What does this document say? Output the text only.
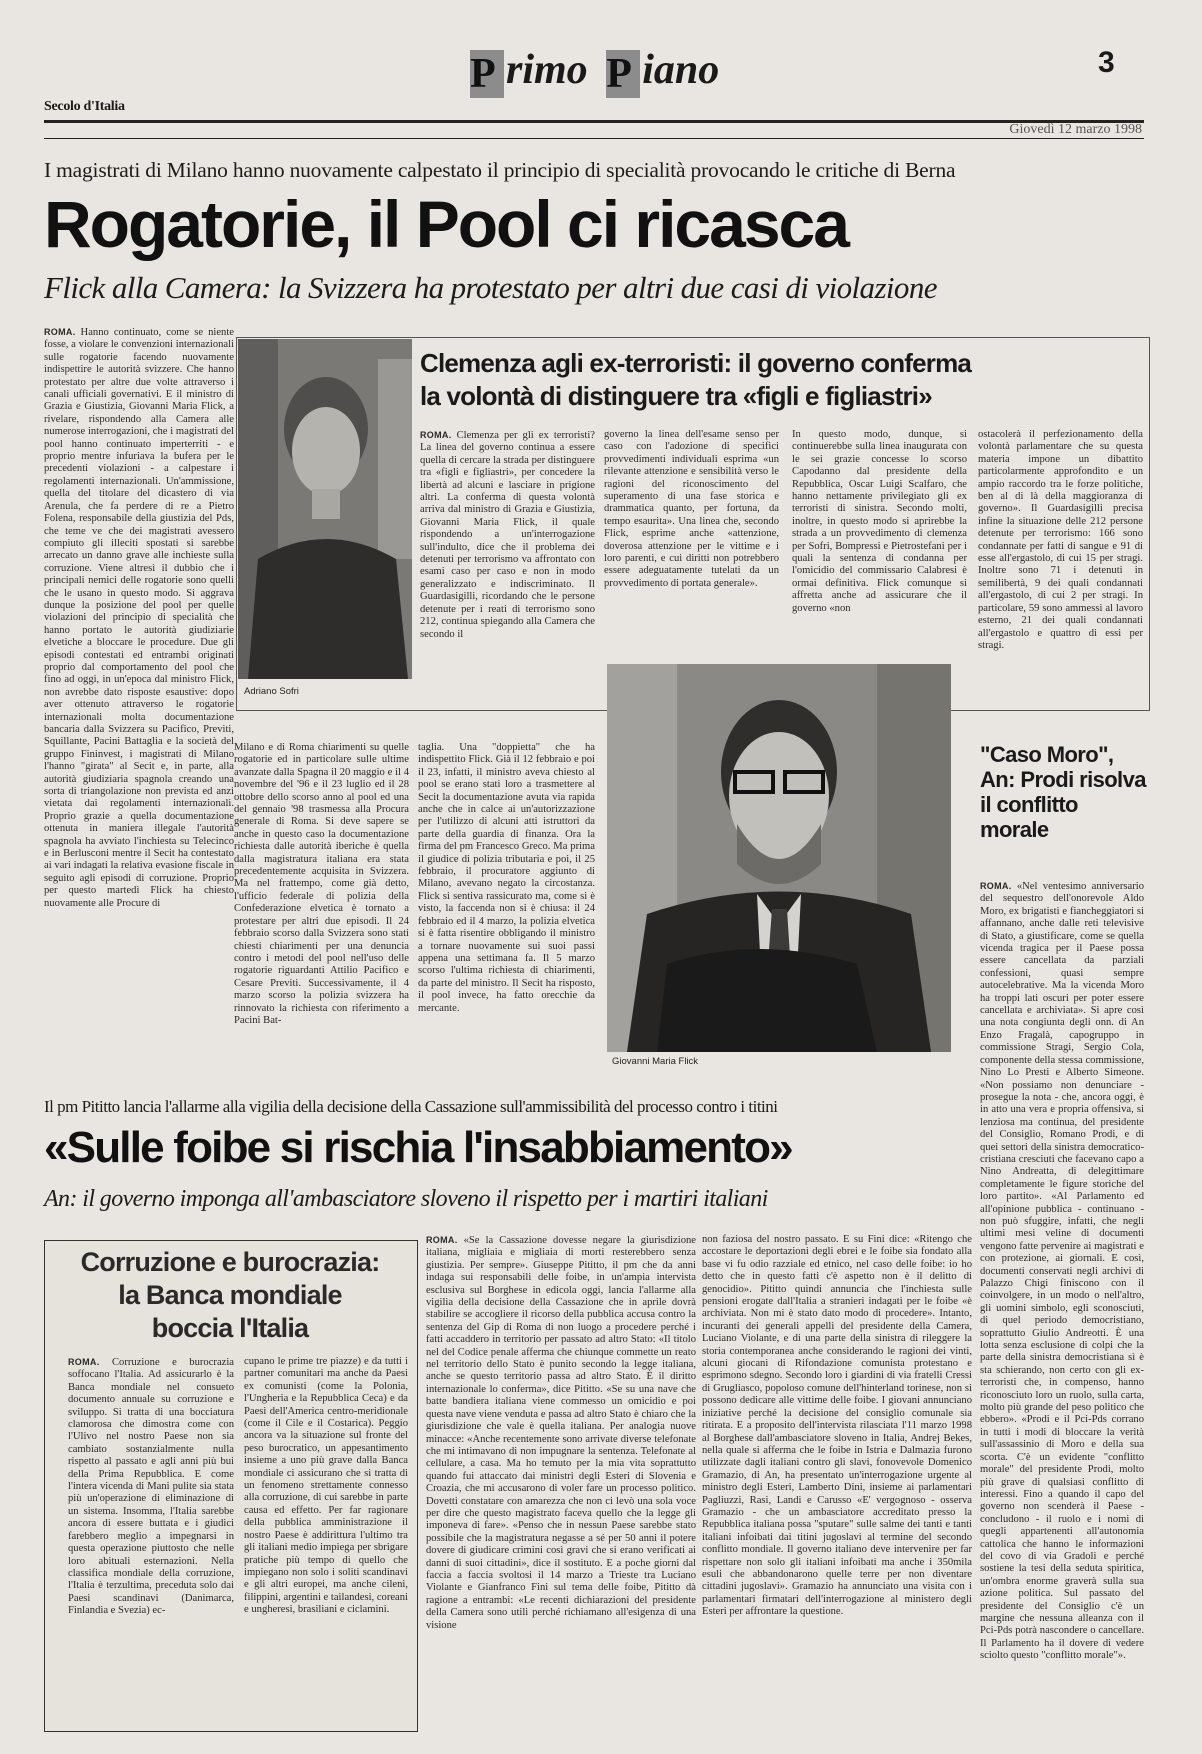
Secolo d'Italia
P rimo P iano	3
Giovedì 12 marzo 1998
I magistrati di Milano hanno nuovamente calpestato il principio di specialità provocando le critiche di Berna
Rogatorie, il Pool ci ricasca
Flick alla Camera: la Svizzera ha protestato per altri due casi di violazione

ROMA. Hanno continuato, come se niente fosse, a violare le convenzioni internazionali sulle rogatorie facendo nuovamente indispettire le autorità svizzere. Che hanno protestato per altre due volte attraverso i canali ufficiali governativi. E il ministro di Grazia e Giustizia, Giovanni Maria Flick, a rivelare, rispondendo alla Camera alle numerose interrogazioni, che i magistrati del pool hanno continuato imperterriti - e proprio mentre infuriava la bufera per le precedenti violazioni - a calpestare i regolamenti internazionali. Un'ammissione, quella del titolare del dicastero di via Arenula, che fa perdere di re a Pietro Folena, responsabile della giustizia del Pds, che teme ve che dei magistrati avessero compiuto gli illeciti spostati si sarebbe arrecato un danno grave alle inchieste sulla corruzione. Viene altresì il dubbio che i principali nemici delle rogatorie sono quelli che le usano in questo modo. Si aggrava dunque la posizione del pool per quelle violazioni del principio di specialità che hanno portato le autorità giudiziarie elvetiche a bloccare le procedure. Due gli episodi contestati ed entrambi originati proprio dal comportamento del pool che fino ad oggi, in un'epoca dal ministro Flick, non avrebbe dato risposte esaustive: dopo aver ottenuto attraverso le rogatorie internazionali molta documentazione bancaria dalla Svizzera su Pacifico, Previti, Squillante, Pacini Battaglia e la società del gruppo Fininvest, i magistrati di Milano l'hanno "girata" al Secit e, in parte, alla autorità giudiziaria spagnola creando una sorta di triangolazione non prevista ed anzi vietata dai regolamenti internazionali. Proprio grazie a quella documentazione ottenuta in maniera illegale l'autorità spagnola ha avviato l'inchiesta su Telecinco e in Berlusconi mentre il Secit ha contestato ai vari indagati la relativa evasione fiscale in seguito agli episodi di corruzione. Proprio per questo martedì Flick ha chiesto nuovamente alle Procure di

Adriano Sofri
Clemenza agli ex-terroristi: il governo conferma
la volontà di distinguere tra «figli e figliastri»

ROMA. Clemenza per gli ex terroristi? La linea del governo continua a essere quella di cercare la strada per distinguere tra «figli e figliastri», per concedere la libertà ad alcuni e lasciare in prigione altri. La conferma di questa volontà arriva dal ministro di Grazia e Giustizia, Giovanni Maria Flick, il quale rispondendo a un'interrogazione sull'indulto, dice che il problema dei detenuti per terrorismo va affrontato con esami caso per caso e non in modo generalizzato e indiscriminato. Il Guardasigilli, ricordando che le persone detenute per i reati di terrorismo sono 212, continua spiegando alla Camera che secondo il

governo la linea dell'esame senso per caso con l'adozione di specifici provvedimenti individuali esprima «un rilevante attenzione e sensibilità verso le ragioni del riconoscimento del superamento di una fase storica e drammatica quanto, per fortuna, da tempo esaurita». Una linea che, secondo Flick, esprime anche «attenzione, doverosa attenzione per le vittime e i loro parenti, e cui diritti non potrebbero essere adeguatamente tutelati da un provvedimento di portata generale».

In questo modo, dunque, si continuerebbe sulla linea inaugurata con le sei grazie concesse lo scorso Capodanno dal presidente della Repubblica, Oscar Luigi Scalfaro, che hanno nettamente privilegiato gli ex terroristi di sinistra. Secondo molti, inoltre, in questo modo si aprirebbe la strada a un provvedimento di clemenza per Sofri, Bompressi e Pietrostefani per i quali la sentenza di condanna per l'omicidio del commissario Calabresi è ormai definitiva. Flick comunque si affretta anche ad assicurare che il governo «non

ostacolerà il perfezionamento della volontà parlamentare che su questa materia impone un dibattito particolarmente approfondito e un ampio raccordo tra le forze politiche, ben al di là della maggioranza di governo». Il Guardasigilli precisa infine la situazione delle 212 persone detenute per terrorismo: 166 sono condannate per fatti di sangue e 91 di esse all'ergastolo, di cui 15 per stragi. Inoltre sono 71 i detenuti in semilibertà, 9 dei quali condannati all'ergastolo, di cui 2 per stragi. In particolare, 59 sono ammessi al lavoro esterno, 21 dei quali condannati all'ergastolo e quattro di essi per stragi.

Milano e di Roma chiarimenti su quelle rogatorie ed in particolare sulle ultime avanzate dalla Spagna il 20 maggio e il 4 novembre del '96 e il 23 luglio ed il 28 ottobre dello scorso anno al pool ed una del gennaio '98 trasmessa alla Procura generale di Roma. Si deve sapere se anche in questo caso la documentazione richiesta dalle autorità iberiche è quella dalla magistratura italiana era stata precedentemente acquisita in Svizzera. Ma nel frattempo, come già detto, l'ufficio federale di polizia della Confederazione elvetica è tornato a protestare per altri due episodi. Il 24 febbraio scorso dalla Svizzera sono stati chiesti chiarimenti per una denuncia contro i metodi del pool nell'uso delle rogatorie riguardanti Attilio Pacifico e Cesare Previti. Successivamente, il 4 marzo scorso la polizia svizzera ha rinnovato la richiesta con riferimento a Pacini Bat-

taglia. Una "doppietta" che ha indispettito Flick. Già il 12 febbraio e poi il 23, infatti, il ministro aveva chiesto al pool se erano stati loro a trasmettere al Secit la documentazione avuta via rapida anche che in calce ai un'autorizzazione per l'utilizzo di alcuni atti istruttori da parte della guardia di finanza. Ora la firma del pm Francesco Greco. Ma prima il giudice di polizia tributaria e poi, il 25 febbraio, il procuratore aggiunto di Milano, avevano negato la circostanza. Flick si sentiva rassicurato ma, come si è visto, la faccenda non si è chiusa: il 24 febbraio ed il 4 marzo, la polizia elvetica si è fatta risentire obbligando il ministro a tornare nuovamente sui suoi passi appena una settimana fa. Il 5 marzo scorso l'ultima richiesta di chiarimenti, da parte del ministro. Il Secit ha risposto, il pool invece, ha fatto orecchie da mercante.

Giovanni Maria Flick
"Caso Moro", An: Prodi risolva il conflitto morale

ROMA. «Nel ventesimo anniversario del sequestro dell'onorevole Aldo Moro, ex brigatisti e fiancheggiatori si affannano, anche dalle reti televisive di Stato, a giustificare, come se quella vicenda tragica per il Paese possa essere cancellata da parziali confessioni, quasi sempre autocelebrative. Ma la vicenda Moro ha troppi lati oscuri per poter essere cancellata e archiviata». Si apre così una nota congiunta degli onn. di An Enzo Fragalà, capogruppo in commissione Stragi, Sergio Cola, componente della stessa commissione, Nino Lo Presti e Alberto Simeone. «Non possiamo non denunciare - prosegue la nota - che, ancora oggi, è in atto una vera e propria offensiva, si lenziosa ma continua, del presidente del Consiglio, Romano Prodi, e di quei settori della sinistra democratico-cristiana cresciuti che facevano capo a Nino Andreatta, di delegittimare completamente le figure storiche del loro partito». «Al Parlamento ed all'opinione pubblica - continuano - non può sfuggire, infatti, che negli ultimi mesi veline di documenti vengono fatte pervenire ai magistrati e con protezione, ai giornali. E così, documenti conservati negli archivi di Palazzo Chigi finiscono con il coinvolgere, in un modo o nell'altro, gli uomini simbolo, egli sconosciuti, di quel periodo democristiano, soprattutto Giulio Andreotti. È una lotta senza esclusione di colpi che la parte della sinistra democristiana sì è sta schierando, non certo con gli ex-terroristi che, in compenso, hanno riconosciuto loro un ruolo, sulla carta, molto più grande del peso politico che ebbero». «Prodi e il Pci-Pds corrano in tutti i modi di bloccare la verità sull'assassinio di Moro e della sua scorta. C'è un evidente "conflitto morale" del presidente Prodi, molto più grave di qualsiasi conflitto di interessi. Fino a quando il capo del governo non scenderà il Paese - concludono - il ruolo e i nomi di quegli appartenenti all'autonomia cattolica che hanno le informazioni del covo di via Gradoli e perché sostiene la tesi della seduta spiritica, un'ombra enorme graverà sulla sua azione politica. Sul passato del presidente del Consiglio c'è un margine che nessuna alleanza con il Pci-Pds potrà nascondere o cancellare. Il Parlamento ha il dovere di vedere sciolto questo "conflitto morale"».

Il pm Pititto lancia l'allarme alla vigilia della decisione della Cassazione sull'ammissibilità del processo contro i titini
«Sulle foibe si rischia l'insabbiamento»
An: il governo imponga all'ambasciatore sloveno il rispetto per i martiri italiani

ROMA. «Se la Cassazione dovesse negare la giurisdizione italiana, migliaia e migliaia di morti resterebbero senza giustizia. Per sempre». Giuseppe Pititto, il pm che da anni indaga sui responsabili delle foibe, in un'ampia intervista esclusiva sul Borghese in edicola oggi, lancia l'allarme alla vigilia della decisione della Cassazione che in aprile dovrà stabilire se accogliere il ricorso della pubblica accusa contro la sentenza del Gip di Roma di non luogo a procedere perché i fatti accaddero in territorio per passato ad altro Stato: «Il titolo nel del Codice penale afferma che chiunque commette un reato nel territorio dello Stato è punito secondo la legge italiana, anche se questo territorio passa ad altro Stato. È il diritto internazionale lo conferma», dice Pititto. «Se su una nave che batte bandiera italiana viene commesso un omicidio e poi questa nave viene venduta e passa ad altro Stato è chiaro che la giurisdizione che vale è quella italiana. Per analogia nuove minacce: «Anche recentemente sono arrivate diverse telefonate che mi intimavano di non impugnare la sentenza. Telefonate al cellulare, a casa. Ma ho temuto per la mia vita soprattutto quando fui attaccato dai ministri degli Esteri di Slovenia e Croazia, che mi accusarono di voler fare un processo politico. Dovetti constatare con amarezza che non ci levò una sola voce per dire che questo magistrato faceva quello che la legge gli imponeva di fare». «Penso che in nessun Paese sarebbe stato possibile che la magistratura negasse a sé per 50 anni il potere dovere di giudicare crimini così gravi che si erano verificati ai danni di suoi cittadini», dice il sostituto. E a poche giorni dal faccia a faccia svoltosi il 14 marzo a Trieste tra Luciano Violante e Gianfranco Fini sul tema delle foibe, Pititto dà ragione a entrambi: «Le recenti dichiarazioni del presidente della Camera sono utili perché richiamano all'esigenza di una visione

non faziosa del nostro passato. E su Fini dice: «Ritengo che accostare le deportazioni degli ebrei e le foibe sia fondato alla base vi fu odio razziale ed etnico, nel caso delle foibe: io ho detto che in questo fatti c'è aspetto non è il delitto di genocidio». Pititto quindi annuncia che l'inchiesta sulle pensioni erogate dall'Italia a stranieri indagati per le foibe «è archiviata. Non mi è stato dato modo di procedere». Intanto, incuranti dei generali appelli del presidente della Camera, Luciano Violante, e di una parte della sinistra di rileggere la storia contemporanea anche considerando le ragioni dei vinti, alcuni giocani di Rifondazione comunista protestano e esprimono sdegno. Secondo loro i giardini di via fratelli Cressi di Grugliasco, popoloso comune dell'hinterland torinese, non si possono dedicare alle vittime delle foibe. I giovani annunciano iniziative perché la decisione del consiglio comunale sia ritirata. E a proposito dell'intervista rilasciata l'11 marzo 1998 al Borghese dall'ambasciatore sloveno in Italia, Andrej Bekes, nella quale si afferma che le foibe in Istria e Dalmazia furono utilizzate dagli italiani contro gli slavi, fonovevole Domenico Gramazio, di An, ha presentato un'interrogazione urgente al ministro degli Esteri, Lamberto Dini, insieme ai parlamentari Pagliuzzi, Rasi, Landi e Carusso «E' vergognoso - osserva Gramazio - che un ambasciatore accreditato presso la Repubblica italiana possa "sputare" sulle salme dei tanti e tanti italiani infoibati dai titini jugoslavi al termine del secondo conflitto mondiale. Il governo italiano deve intervenire per far rispettare non solo gli italiani infoibati ma anche i 350mila esuli che abbandonarono quelle terre per non diventare cittadini jugoslavi». Gramazio ha annunciato una visita con i parlamentari firmatari dell'interrogazione al ministero degli Esteri per affrontare la questione.

Corruzione e burocrazia:
la Banca mondiale
boccia l'Italia

ROMA. Corruzione e burocrazia soffocano l'Italia. Ad assicurarlo è la Banca mondiale nel consueto documento annuale su corruzione e sviluppo. Si tratta di una bocciatura clamorosa che dimostra come con l'Ulivo nel nostro Paese non sia cambiato sostanzialmente nulla rispetto al passato e agli anni più bui della Prima Repubblica. E come l'intera vicenda di Mani pulite sia stata più un'operazione di eliminazione di un sistema. Insomma, l'Italia sarebbe ancora di essere buttata e i giudici farebbero meglio a impegnarsi in questa operazione piuttosto che nelle loro abituali esternazioni. Nella classifica mondiale della corruzione, l'Italia è terzultima, preceduta solo dai Paesi scandinavi (Danimarca, Finlandia e Svezia) ec-

cupano le prime tre piazze) e da tutti i partner comunitari ma anche da Paesi ex comunisti (come la Polonia, l'Ungheria e la Repubblica Ceca) e da Paesi dell'America centro-meridionale (come il Cile e il Costarica). Peggio ancora va la situazione sul fronte del peso burocratico, un appesantimento insieme a uno più grave dalla Banca mondiale ci assicurano che si tratta di un fenomeno strettamente connesso alla corruzione, di cui sarebbe in parte causa ed effetto. Per far ragionare della pubblica amministrazione il nostro Paese è addirittura l'ultimo tra gli italiani medio impiega per sbrigare pratiche più tempo di quello che impiegano non solo i soliti scandinavi e gli altri europei, ma anche cileni, filippini, argentini e tailandesi, coreani e ungheresi, brasiliani e ciclamini.
